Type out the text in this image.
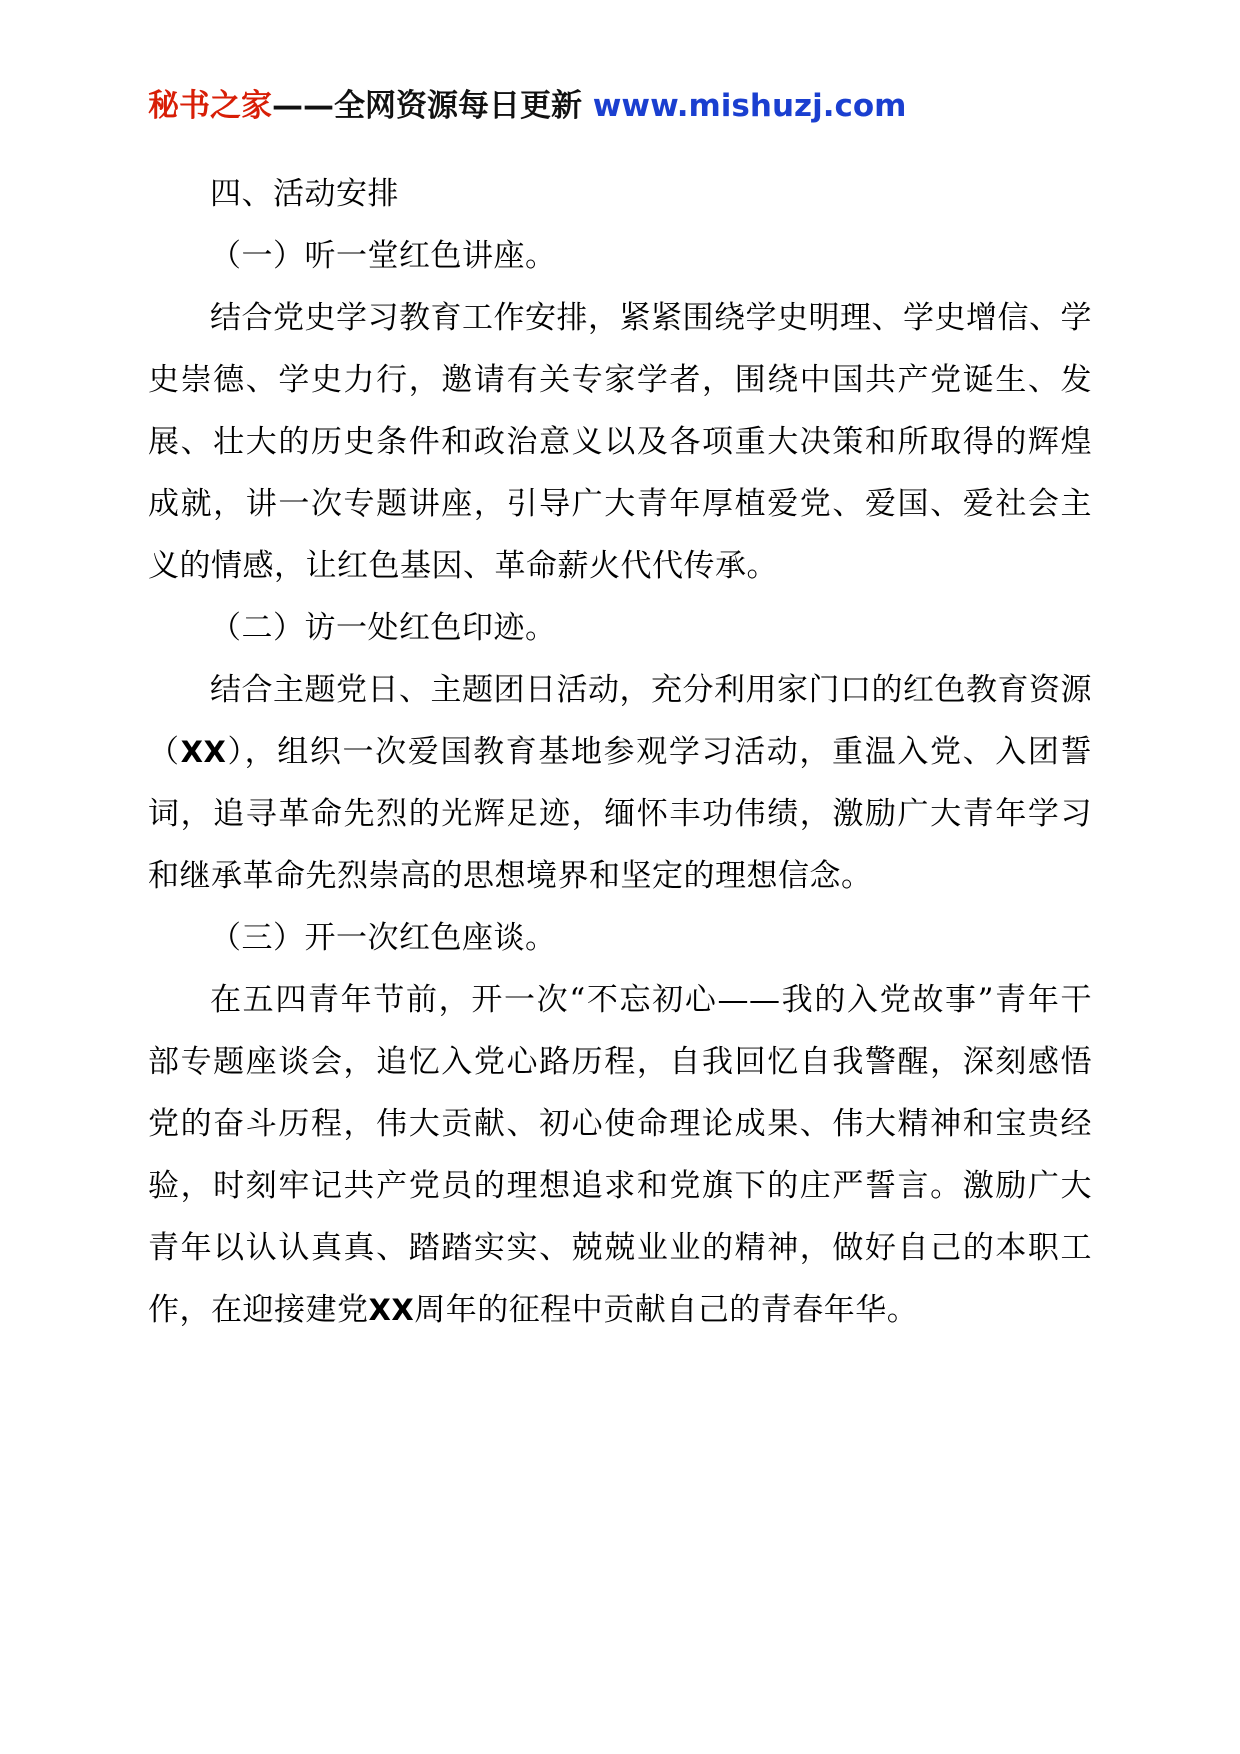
秘书之家——全网资源每日更新 www.mishuzj.com

四、活动安排

（一）听一堂红色讲座。

结合党史学习教育工作安排，紧紧围绕学史明理、学史增信、学史崇德、学史力行，邀请有关专家学者，围绕中国共产党诞生、发展、壮大的历史条件和政治意义以及各项重大决策和所取得的辉煌成就，讲一次专题讲座，引导广大青年厚植爱党、爱国、爱社会主义的情感，让红色基因、革命薪火代代传承。

（二）访一处红色印迹。

结合主题党日、主题团日活动，充分利用家门口的红色教育资源（XX），组织一次爱国教育基地参观学习活动，重温入党、入团誓词，追寻革命先烈的光辉足迹，缅怀丰功伟绩，激励广大青年学习和继承革命先烈崇高的思想境界和坚定的理想信念。

（三）开一次红色座谈。

在五四青年节前，开一次“不忘初心——我的入党故事”青年干部专题座谈会，追忆入党心路历程，自我回忆自我警醒，深刻感悟党的奋斗历程，伟大贡献、初心使命理论成果、伟大精神和宝贵经验，时刻牢记共产党员的理想追求和党旗下的庄严誓言。激励广大青年以认认真真、踏踏实实、兢兢业业的精神，做好自己的本职工作，在迎接建党XX周年的征程中贡献自己的青春年华。
